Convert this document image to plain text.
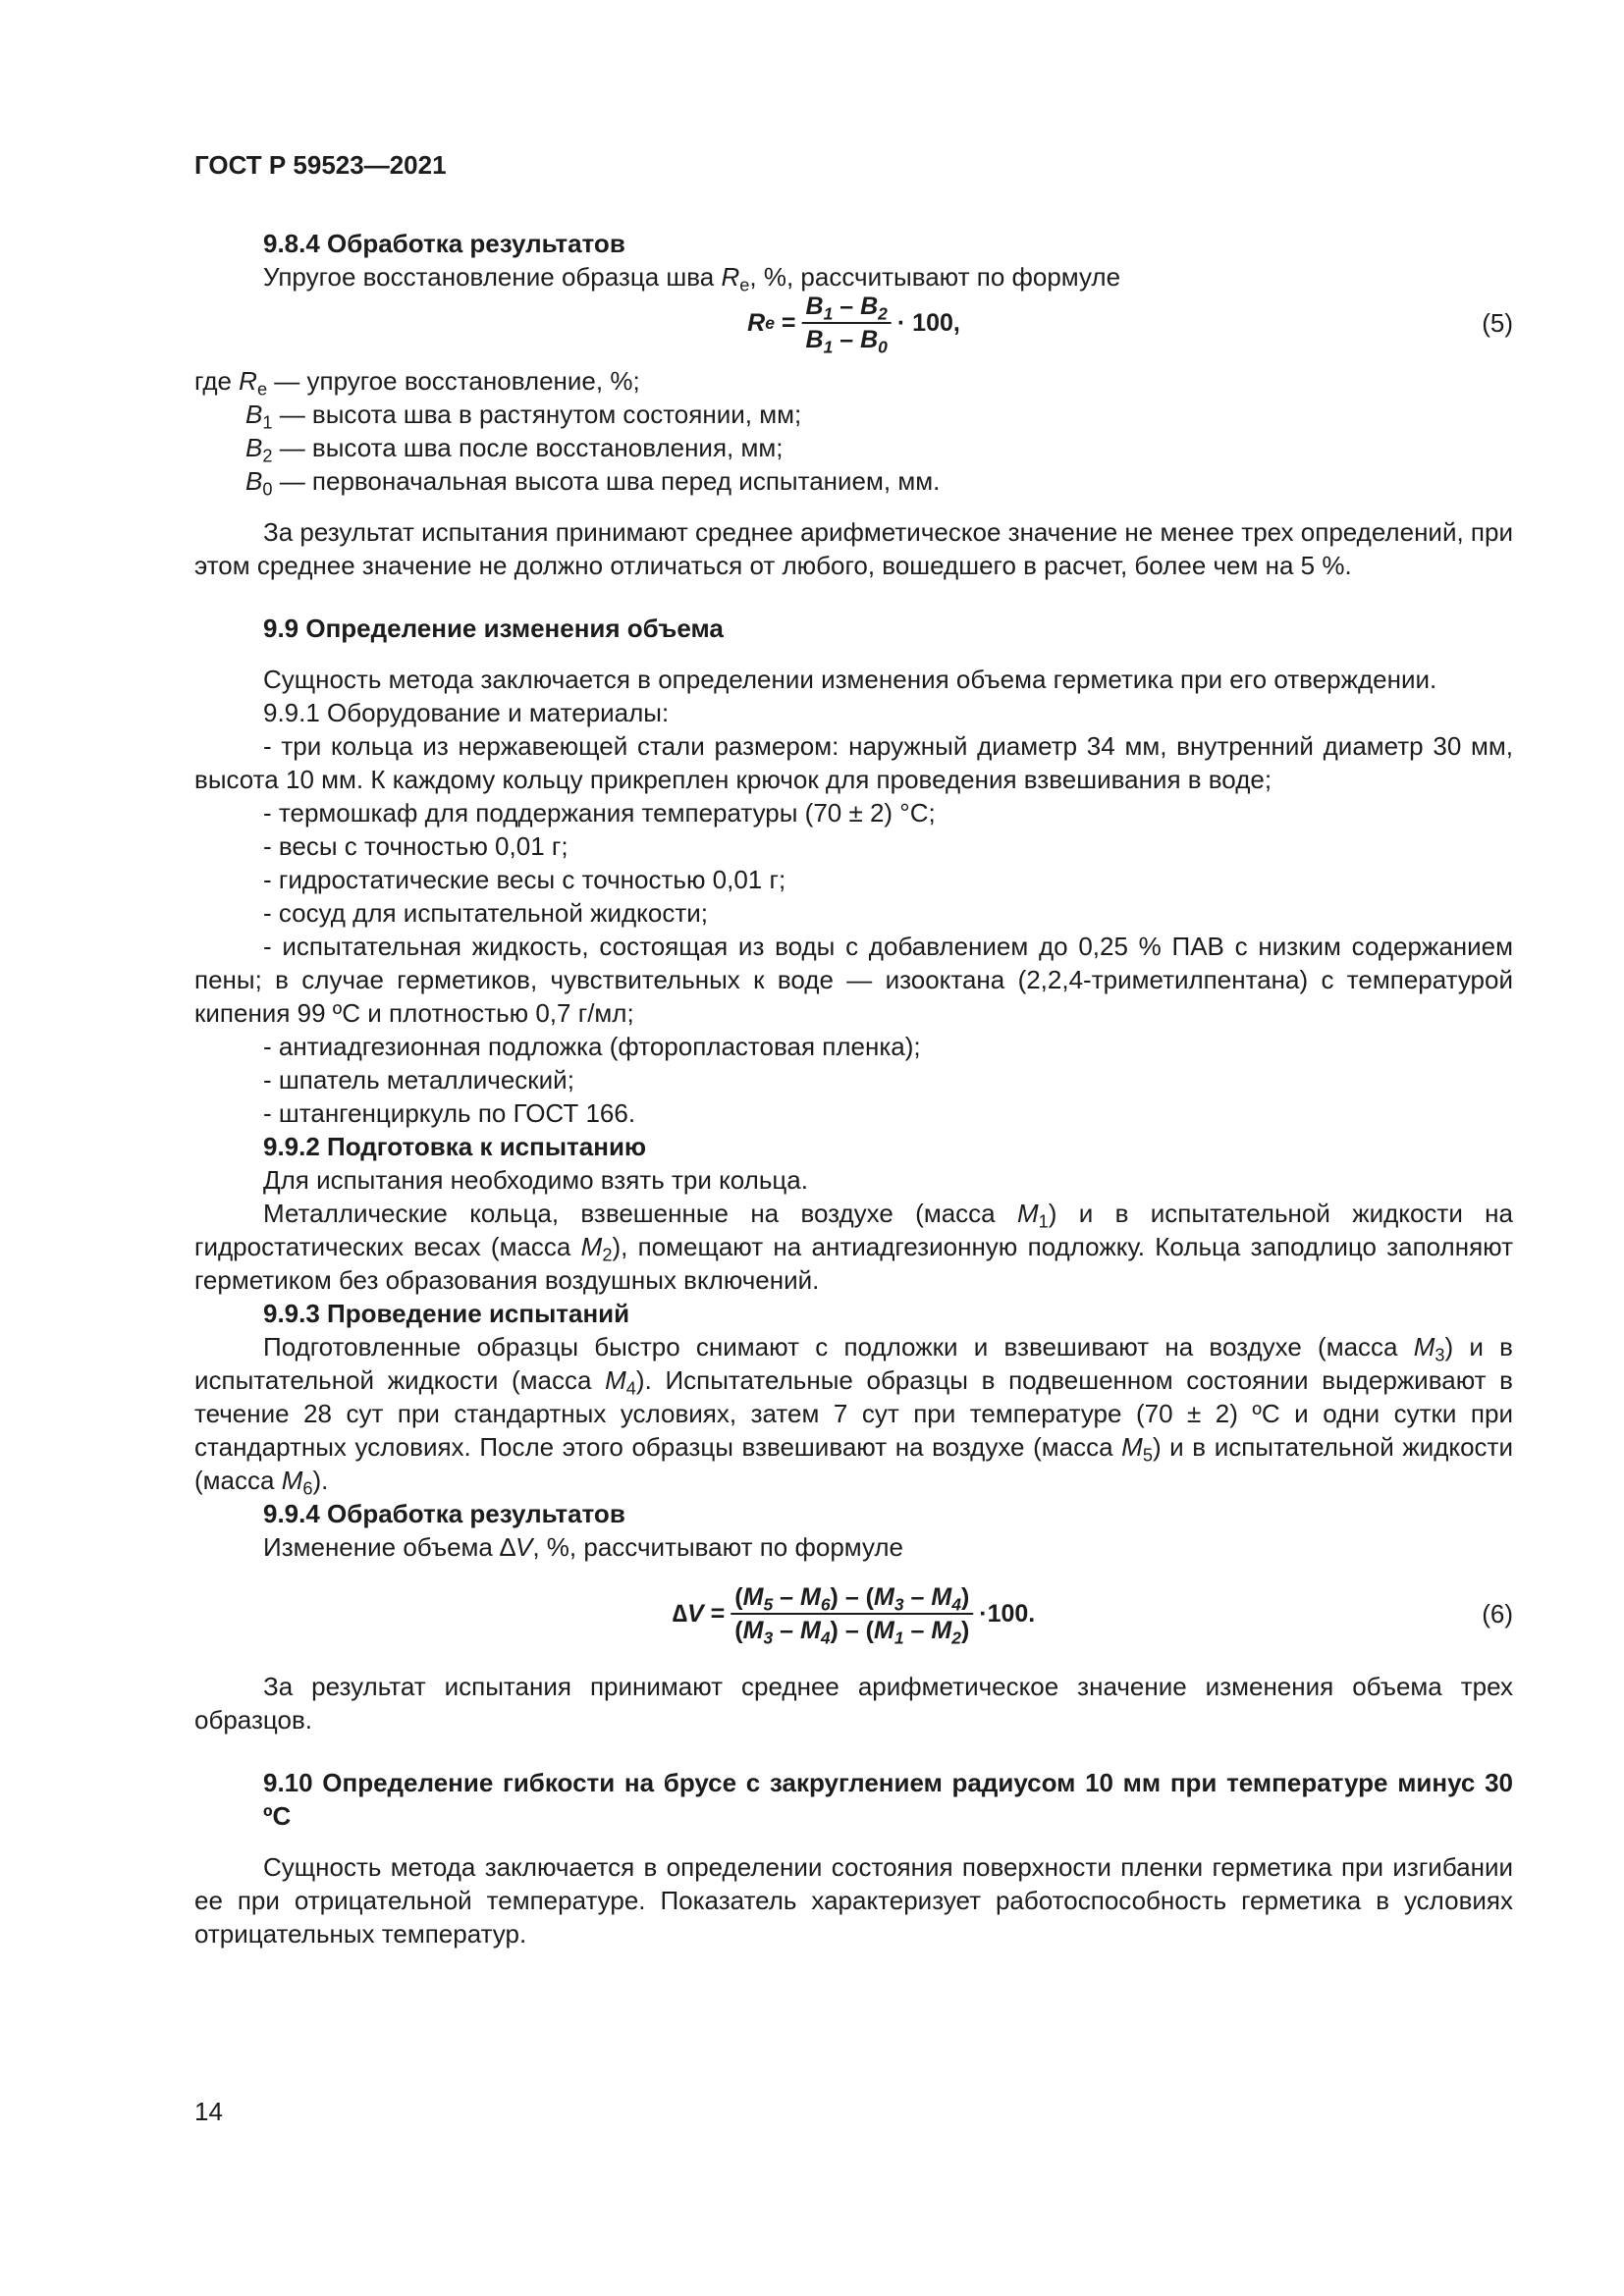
ГОСТ Р 59523—2021

9.8.4 Обработка результатов

Упругое восстановление образца шва $R_e$, %, рассчитывают по формуле

R $e = \frac{B_1 - B_2}{B_1 - B_0} \cdot 100$,	(5)

где $R_e$ — упругое восстановление, %;

$B_1$ — высота шва в растянутом состоянии, мм;

$B_2$ — высота шва после восстановления, мм;

$B_0$ — первоначальная высота шва перед испытанием, мм.

За результат испытания принимают среднее арифметическое значение не менее трех определений, при этом среднее значение не должно отличаться от любого, вошедшего в расчет, более чем на 5 %.

9.9 Определение изменения объема

Сущность метода заключается в определении изменения объема герметика при его отверждении.

9.9.1 Оборудование и материалы:

- три кольца из нержавеющей стали размером: наружный диаметр 34 мм, внутренний диаметр 30 мм, высота 10 мм. К каждому кольцу прикреплен крючок для проведения взвешивания в воде;

- термошкаф для поддержания температуры (70 ± 2) °С;

- весы с точностью 0,01 г;

- гидростатические весы с точностью 0,01 г;

- сосуд для испытательной жидкости;

- испытательная жидкость, состоящая из воды с добавлением до 0,25 % ПАВ с низким содержанием пены; в случае герметиков, чувствительных к воде — изооктана (2,2,4-триметилпентана) с температурой кипения 99 ºС и плотностью 0,7 г/мл;

- антиадгезионная подложка (фторопластовая пленка);

- шпатель металлический;

- штангенциркуль по ГОСТ 166.

9.9.2 Подготовка к испытанию

Для испытания необходимо взять три кольца.

Металлические кольца, взвешенные на воздухе (масса $M_1$) и в испытательной жидкости на гидростатических весах (масса $M_2$), помещают на антиадгезионную подложку. Кольца заподлицо заполняют герметиком без образования воздушных включений.

9.9.3 Проведение испытаний

Подготовленные образцы быстро снимают с подложки и взвешивают на воздухе (масса $M_3$) и в испытательной жидкости (масса $M_4$). Испытательные образцы в подвешенном состоянии выдерживают в течение 28 сут при стандартных условиях, затем 7 сут при температуре (70 ± 2) ºС и одни сутки при стандартных условиях. После этого образцы взвешивают на воздухе (масса $M_5$) и в испытательной жидкости (масса $M_6$).

9.9.4 Обработка результатов

Изменение объема ∆V, %, рассчитывают по формуле

∆ $V = \frac{(M_5 - M_6) - (M_3 - M_4)}{(M_3 - M_4) - (M_1 - M_2)} \cdot 100$.	(6)

За результат испытания принимают среднее арифметическое значение изменения объема трех образцов.

9.10 Определение гибкости на брусе с закруглением радиусом 10 мм при температуре минус 30 ºС

Сущность метода заключается в определении состояния поверхности пленки герметика при изгибании ее при отрицательной температуре. Показатель характеризует работоспособность герметика в условиях отрицательных температур.

14
